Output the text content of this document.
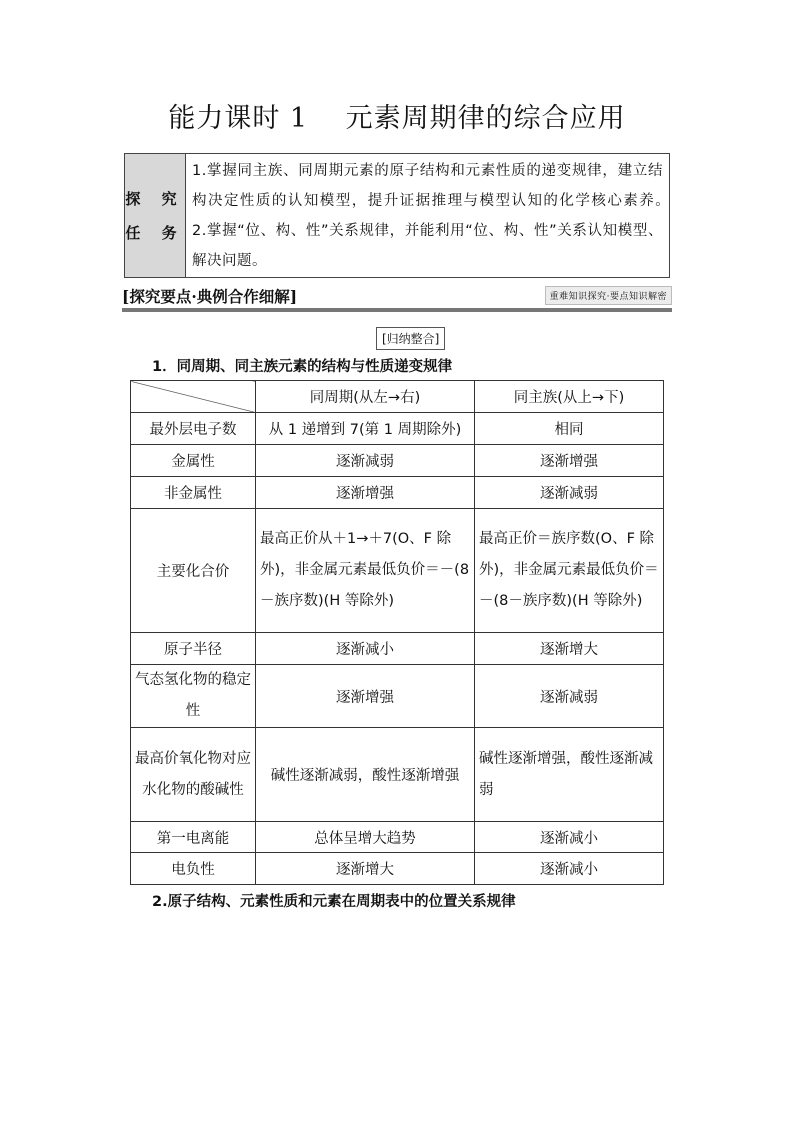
能力课时 1　 元素周期律的综合应用
探 究
任 务
1.掌握同主族、同周期元素的原子结构和元素性质的递变规律，建立结构决定性质的认知模型，提升证据推理与模型认知的化学核心素养。　2.掌握“位、构、性”关系规律，并能利用“位、构、性”关系认知模型、解决问题。
[探究要点·典例合作细解]	重难知识探究·要点知识解密
[归纳整合]
1．同周期、同主族元素的结构与性质递变规律
	同周期(从左→右)	同主族(从上→下)
最外层电子数	从 1 递增到 7(第 1 周期除外)	相同
金属性	逐渐减弱	逐渐增强
非金属性	逐渐增强	逐渐减弱
主要化合价	最高正价从＋1→＋7(O、F 除外)，非金属元素最低负价＝－(8－族序数)(H 等除外)	最高正价＝族序数(O、F 除外)，非金属元素最低负价＝－(8－族序数)(H 等除外)
原子半径	逐渐减小	逐渐增大
气态氢化物的稳定性	逐渐增强	逐渐减弱
最高价氧化物对应水化物的酸碱性	碱性逐渐减弱，酸性逐渐增强	碱性逐渐增强，酸性逐渐减弱
第一电离能	总体呈增大趋势	逐渐减小
电负性	逐渐增大	逐渐减小
2.原子结构、元素性质和元素在周期表中的位置关系规律
